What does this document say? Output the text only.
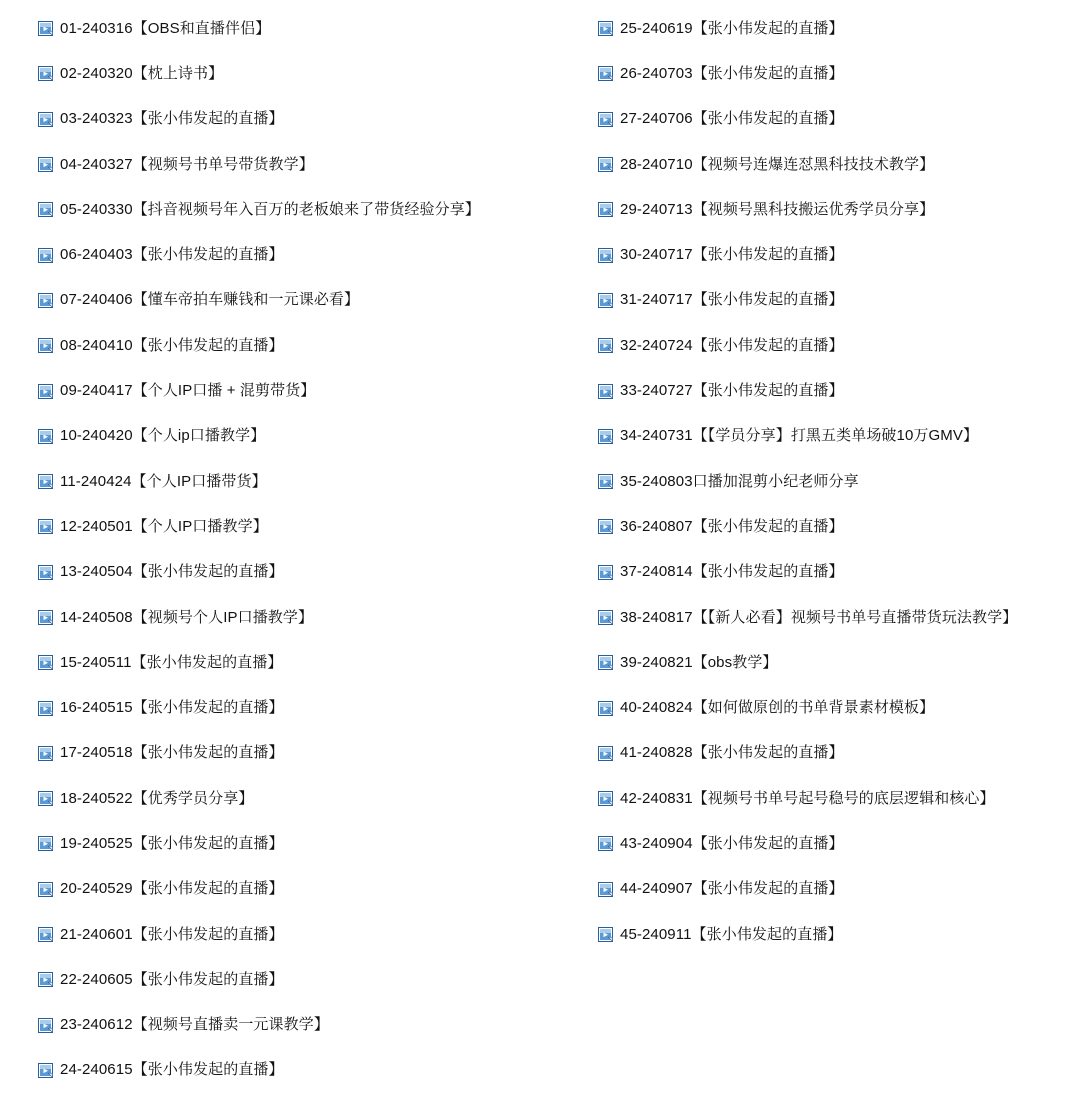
01-240316【OBS和直播伴侣】
02-240320【枕上诗书】
03-240323【张小伟发起的直播】
04-240327【视频号书单号带货教学】
05-240330【抖音视频号年入百万的老板娘来了带货经验分享】
06-240403【张小伟发起的直播】
07-240406【懂车帝拍车赚钱和一元课必看】
08-240410【张小伟发起的直播】
09-240417【个人IP口播 + 混剪带货】
10-240420【个人ip口播教学】
11-240424【个人IP口播带货】
12-240501【个人IP口播教学】
13-240504【张小伟发起的直播】
14-240508【视频号个人IP口播教学】
15-240511【张小伟发起的直播】
16-240515【张小伟发起的直播】
17-240518【张小伟发起的直播】
18-240522【优秀学员分享】
19-240525【张小伟发起的直播】
20-240529【张小伟发起的直播】
21-240601【张小伟发起的直播】
22-240605【张小伟发起的直播】
23-240612【视频号直播卖一元课教学】
24-240615【张小伟发起的直播】
25-240619【张小伟发起的直播】
26-240703【张小伟发起的直播】
27-240706【张小伟发起的直播】
28-240710【视频号连爆连怼黑科技技术教学】
29-240713【视频号黑科技搬运优秀学员分享】
30-240717【张小伟发起的直播】
31-240717【张小伟发起的直播】
32-240724【张小伟发起的直播】
33-240727【张小伟发起的直播】
34-240731【【学员分享】打黑五类单场破10万GMV】
35-240803口播加混剪小纪老师分享
36-240807【张小伟发起的直播】
37-240814【张小伟发起的直播】
38-240817【【新人必看】视频号书单号直播带货玩法教学】
39-240821【obs教学】
40-240824【如何做原创的书单背景素材模板】
41-240828【张小伟发起的直播】
42-240831【视频号书单号起号稳号的底层逻辑和核心】
43-240904【张小伟发起的直播】
44-240907【张小伟发起的直播】
45-240911【张小伟发起的直播】
